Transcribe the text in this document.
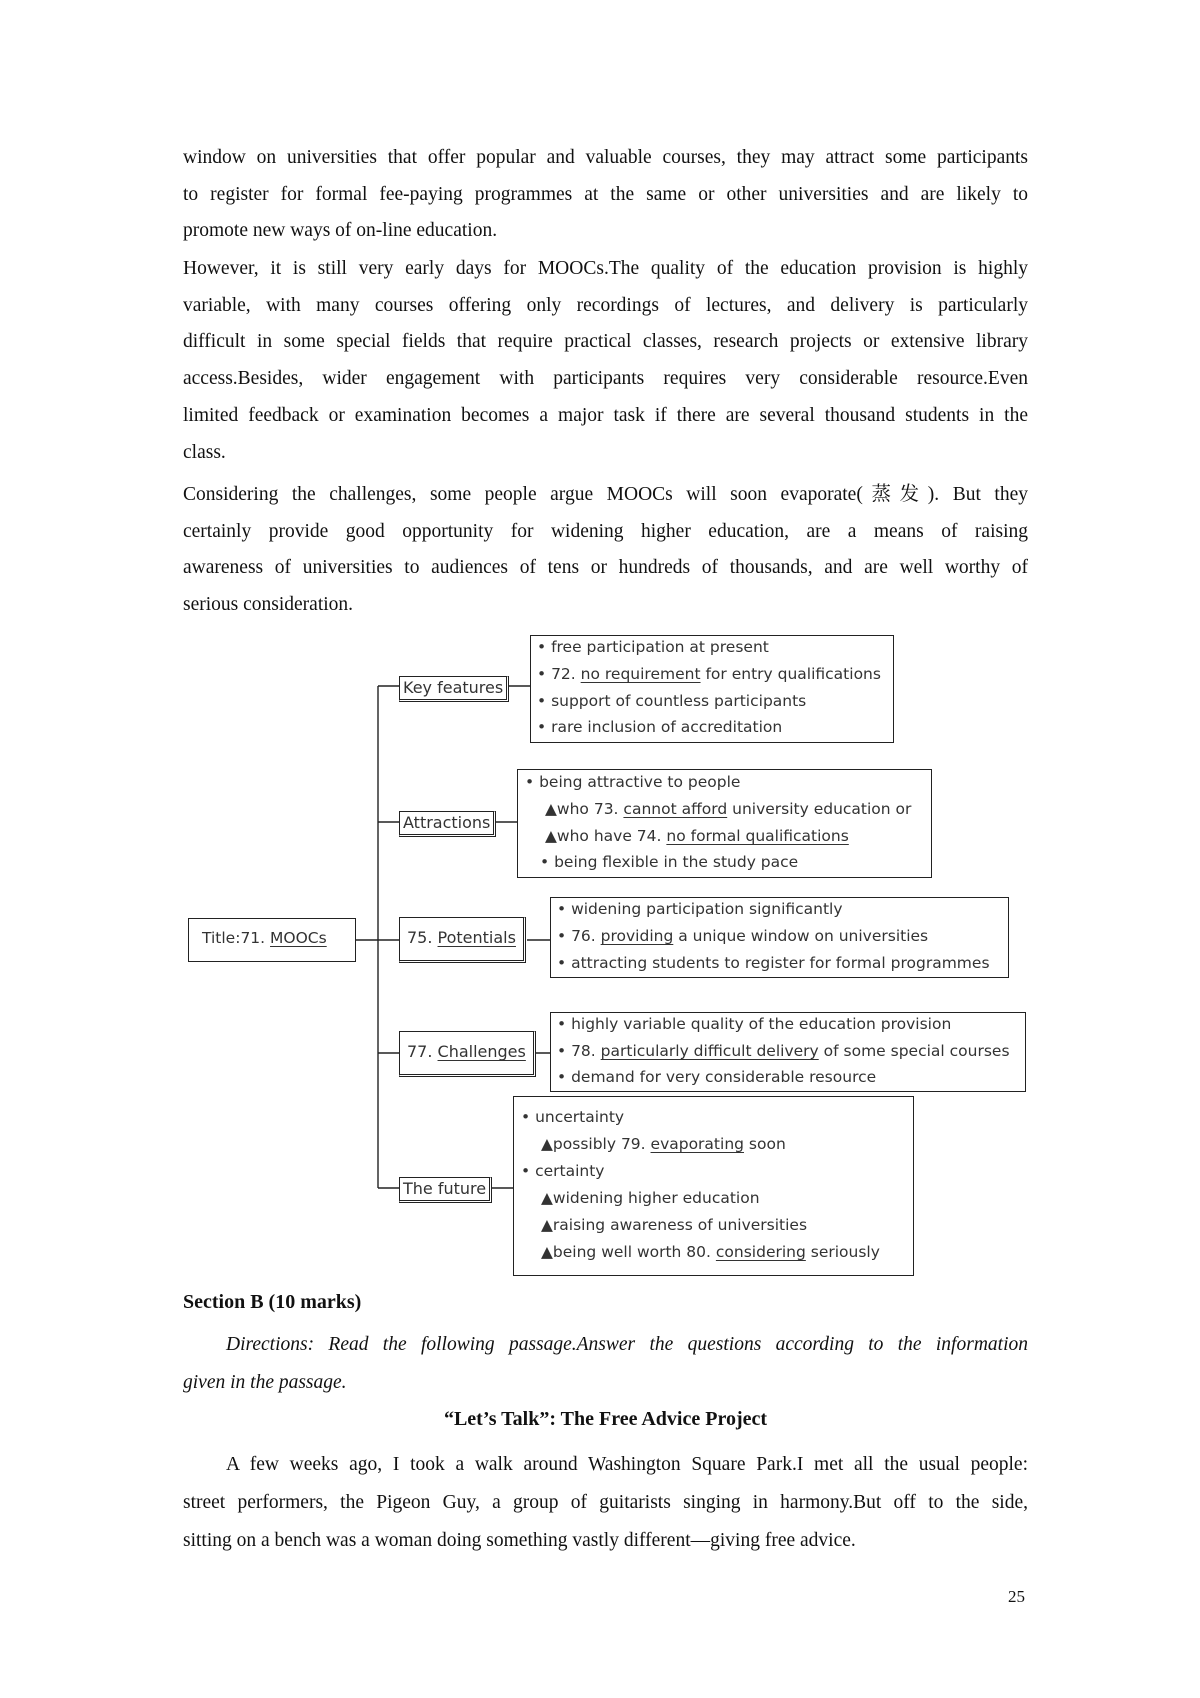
window on universities that offer popular and valuable courses, they may attract some participants
to register for formal fee-paying programmes at the same or other universities and are likely to
promote new ways of on-line education.
However, it is still very early days for MOOCs.The quality of the education provision is highly
variable, with many courses offering only recordings of lectures, and delivery is particularly
difficult in some special fields that require practical classes, research projects or extensive library
access.Besides, wider engagement with participants requires very considerable resource.Even
limited feedback or examination becomes a major task if there are several thousand students in the
class.
Considering the challenges, some people argue MOOCs will soon evaporate(蒸发). But they
certainly provide good opportunity for widening higher education, are a means of raising
awareness of universities to audiences of tens or hundreds of thousands, and are well worthy of
serious consideration.
Title:71. MOOCs
Key features
Attractions
75. Potentials
77. Challenges
The future
• free participation at present
• 72. no requirement for entry qualifications
• support of countless participants
• rare inclusion of accreditation
• being attractive to people
▲who 73. cannot afford university education or
▲who have 74. no formal qualifications
• being flexible in the study pace
• widening participation significantly
• 76. providing a unique window on universities
• attracting students to register for formal programmes
• highly variable quality of the education provision
• 78. particularly difficult delivery of some special courses
• demand for very considerable resource
• uncertainty
▲possibly 79. evaporating soon
• certainty
▲widening higher education
▲raising awareness of universities
▲being well worth 80. considering seriously
Section B (10 marks)
Directions: Read the following passage.Answer the questions according to the information
given in the passage.
“Let’s Talk”: The Free Advice Project
A few weeks ago, I took a walk around Washington Square Park.I met all the usual people:
street performers, the Pigeon Guy, a group of guitarists singing in harmony.But off to the side,
sitting on a bench was a woman doing something vastly different—giving free advice.
25
